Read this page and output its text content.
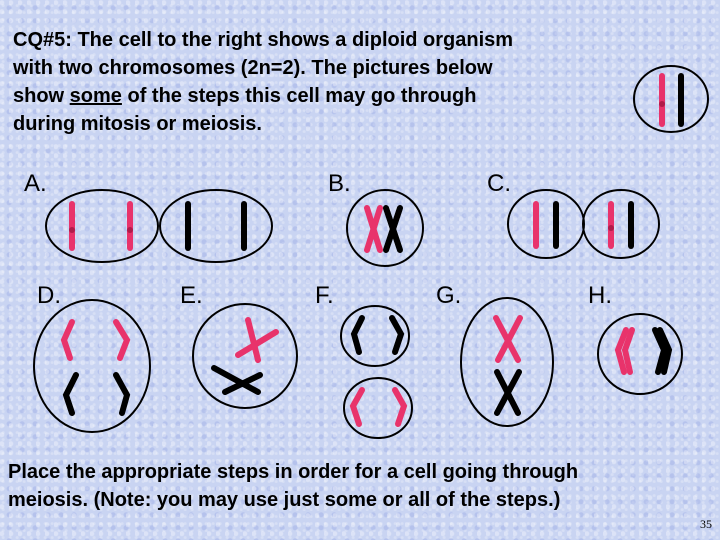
CQ#5: The cell to the right shows a diploid organism
with two chromosomes (2n=2). The pictures below
show some of the steps this cell may go through
during mitosis or meiosis.
A.	B.	C.
D.	E.	F.	G.	H.
Place the appropriate steps in order for a cell going through
meiosis. (Note: you may use just some or all of the steps.)
35
